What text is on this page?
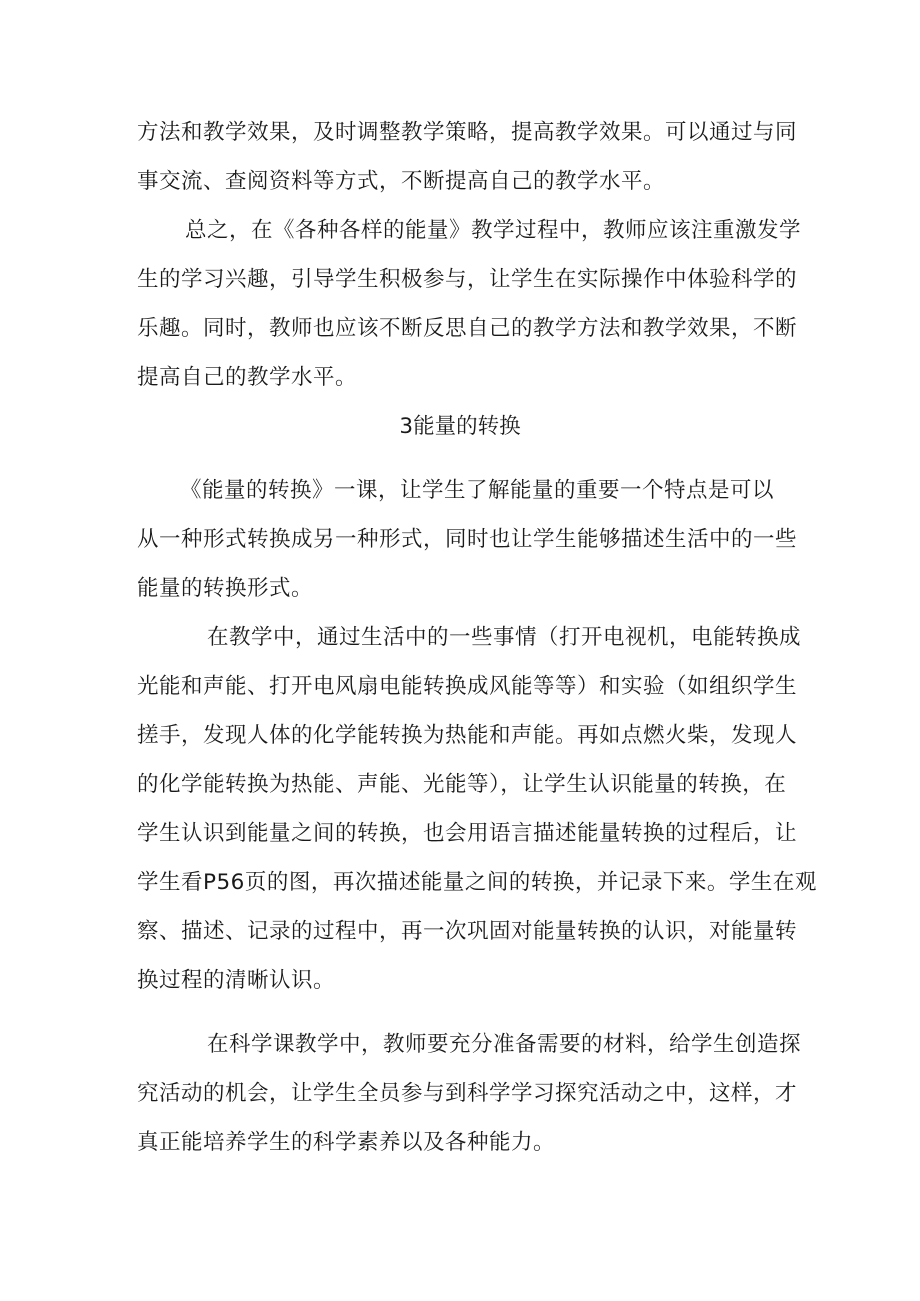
方法和教学效果，及时调整教学策略，提高教学效果。可以通过与同
事交流、查阅资料等方式，不断提高自己的教学水平。
总之，在《各种各样的能量》教学过程中，教师应该注重激发学
生的学习兴趣，引导学生积极参与，让学生在实际操作中体验科学的
乐趣。同时，教师也应该不断反思自己的教学方法和教学效果，不断
提高自己的教学水平。
3能量的转换
《能量的转换》一课，让学生了解能量的重要一个特点是可以
从一种形式转换成另一种形式，同时也让学生能够描述生活中的一些
能量的转换形式。
在教学中，通过生活中的一些事情（打开电视机，电能转换成
光能和声能、打开电风扇电能转换成风能等等）和实验（如组织学生
搓手，发现人体的化学能转换为热能和声能。再如点燃火柴，发现人
的化学能转换为热能、声能、光能等），让学生认识能量的转换，在
学生认识到能量之间的转换，也会用语言描述能量转换的过程后，让
学生看P56页的图，再次描述能量之间的转换，并记录下来。学生在观
察、描述、记录的过程中，再一次巩固对能量转换的认识，对能量转
换过程的清晰认识。
在科学课教学中，教师要充分准备需要的材料，给学生创造探
究活动的机会，让学生全员参与到科学学习探究活动之中，这样，才
真正能培养学生的科学素养以及各种能力。
